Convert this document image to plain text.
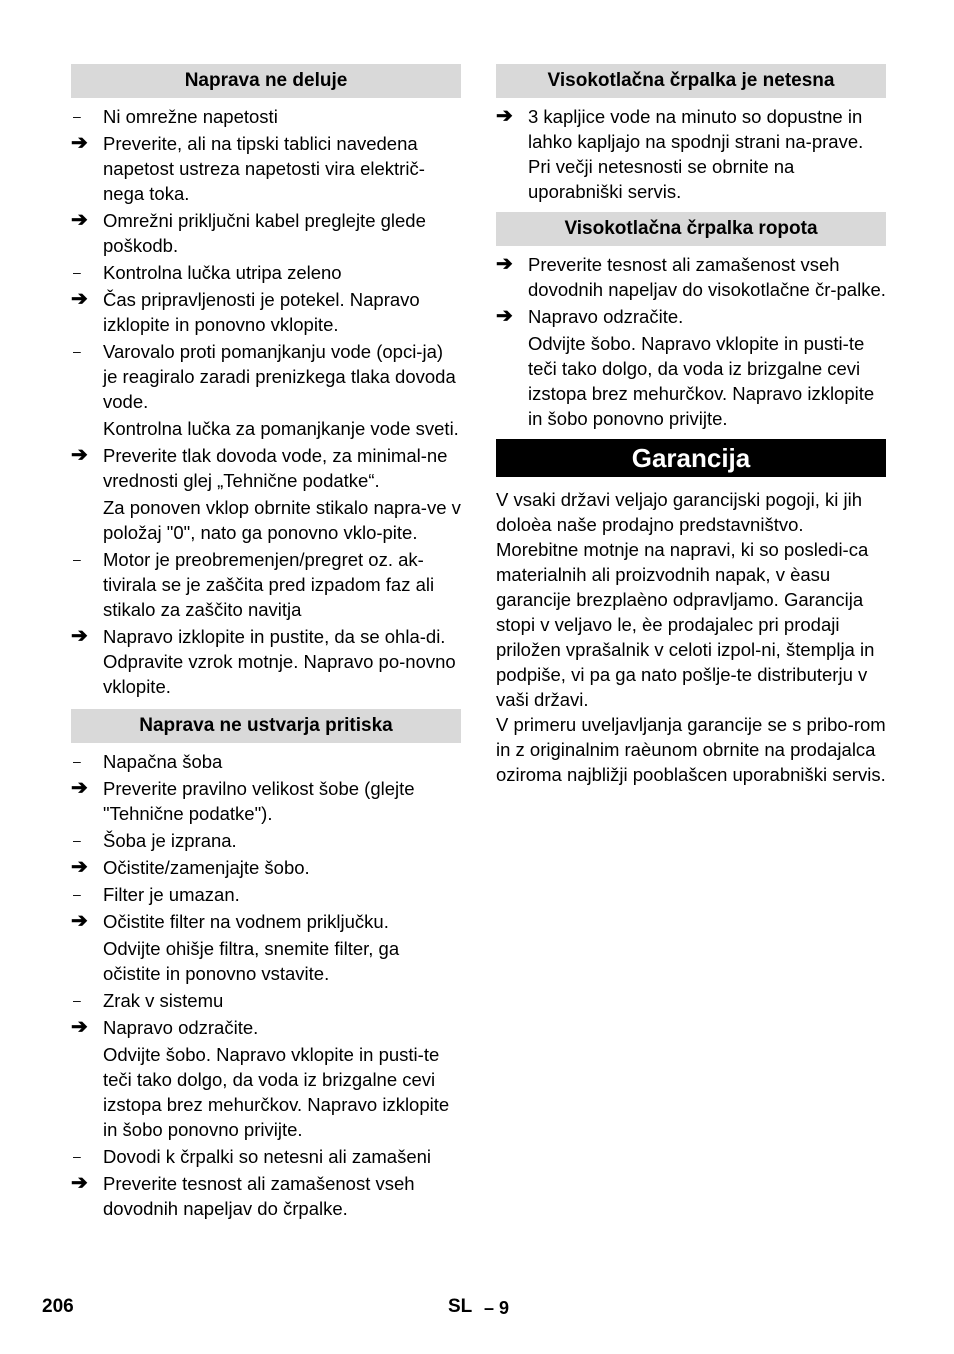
Naprava ne deluje
–	Ni omrežne napetosti
➔ Preverite, ali na tipski tablici navedena napetost ustreza napetosti vira električ-nega toka.
➔ Omrežni priključni kabel preglejte glede poškodb.
–	Kontrolna lučka utripa zeleno
➔ Čas pripravljenosti je potekel. Napravo izklopite in ponovno vklopite.
–	Varovalo proti pomanjkanju vode (opci-ja) je reagiralo zaradi prenizkega tlaka dovoda vode.
Kontrolna lučka za pomanjkanje vode sveti.
➔ Preverite tlak dovoda vode, za minimal-ne vrednosti glej „Tehnične podatke“.
Za ponoven vklop obrnite stikalo napra-ve v položaj "0", nato ga ponovno vklo-pite.
–	Motor je preobremenjen/pregret oz. ak-tivirala se je zaščita pred izpadom faz ali stikalo za zaščito navitja
➔ Napravo izklopite in pustite, da se ohla-di. Odpravite vzrok motnje. Napravo po-novno vklopite.
Naprava ne ustvarja pritiska
–	Napačna šoba
➔ Preverite pravilno velikost šobe (glejte "Tehnične podatke").
–	Šoba je izprana.
➔ Očistite/zamenjajte šobo.
–	Filter je umazan.
➔ Očistite filter na vodnem priključku.
Odvijte ohišje filtra, snemite filter, ga očistite in ponovno vstavite.
–	Zrak v sistemu
➔ Napravo odzračite.
Odvijte šobo. Napravo vklopite in pusti-te teči tako dolgo, da voda iz brizgalne cevi izstopa brez mehurčkov. Napravo izklopite in šobo ponovno privijte.
–	Dovodi k črpalki so netesni ali zamašeni
➔ Preverite tesnost ali zamašenost vseh dovodnih napeljav do črpalke.
Visokotlačna črpalka je netesna
➔ 3 kapljice vode na minuto so dopustne in lahko kapljajo na spodnji strani na-prave. Pri večji netesnosti se obrnite na uporabniški servis.
Visokotlačna črpalka ropota
➔ Preverite tesnost ali zamašenost vseh dovodnih napeljav do visokotlačne čr-palke.
➔ Napravo odzračite.
Odvijte šobo. Napravo vklopite in pusti-te teči tako dolgo, da voda iz brizgalne cevi izstopa brez mehurčkov. Napravo izklopite in šobo ponovno privijte.
Garancija
V vsaki državi veljajo garancijski pogoji, ki jih doloèa naše prodajno predstavništvo. Morebitne motnje na napravi, ki so posledi-ca materialnih ali proizvodnih napak, v èasu garancije brezplaèno odpravljamo. Garancija stopi v veljavo le, èe prodajalec pri prodaji priložen vprašalnik v celoti izpol-ni, štemplja in podpiše, vi pa ga nato pošlje-te distributerju v vaši državi.
V primeru uveljavljanja garancije se s pribo-rom in z originalnim raèunom obrnite na prodajalca oziroma najbližji pooblašcen uporabniški servis.
206	SL – 9
